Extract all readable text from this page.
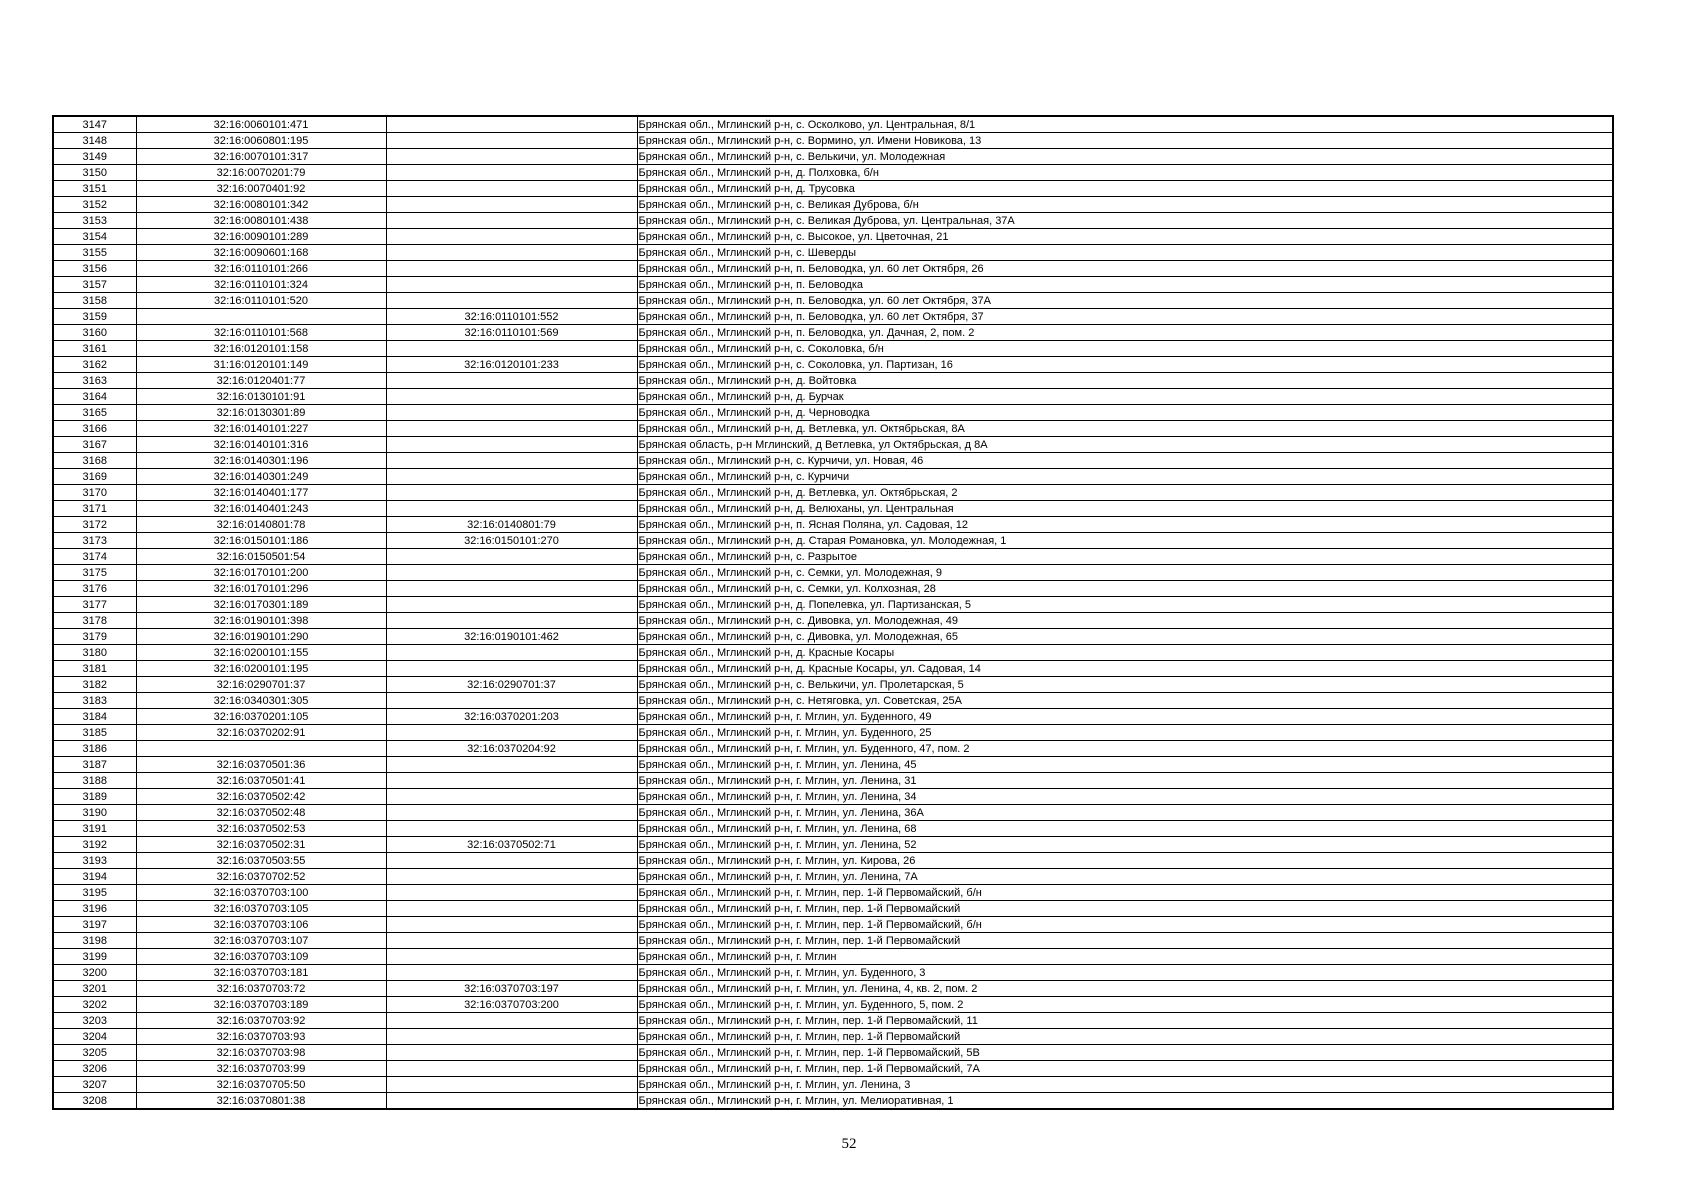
3147	32:16:0060101:471		Брянская обл., Мглинский р-н, с. Осколково, ул. Центральная, 8/1
3148	32:16:0060801:195		Брянская обл., Мглинский р-н, с. Вормино, ул. Имени Новикова, 13
3149	32:16:0070101:317		Брянская обл., Мглинский р-н, с. Велькичи, ул. Молодежная
3150	32:16:0070201:79		Брянская обл., Мглинский р-н, д. Полховка, б/н
3151	32:16:0070401:92		Брянская обл., Мглинский р-н, д. Трусовка
3152	32:16:0080101:342		Брянская обл., Мглинский р-н, с. Великая Дуброва, б/н
3153	32:16:0080101:438		Брянская обл., Мглинский р-н, с. Великая Дуброва, ул. Центральная, 37А
3154	32:16:0090101:289		Брянская обл., Мглинский р-н, с. Высокое, ул. Цветочная, 21
3155	32:16:0090601:168		Брянская обл., Мглинский р-н, с. Шеверды
3156	32:16:0110101:266		Брянская обл., Мглинский р-н, п. Беловодка, ул. 60 лет Октября, 26
3157	32:16:0110101:324		Брянская обл., Мглинский р-н, п. Беловодка
3158	32:16:0110101:520		Брянская обл., Мглинский р-н, п. Беловодка, ул. 60 лет Октября, 37А
3159		32:16:0110101:552	Брянская обл., Мглинский р-н, п. Беловодка, ул. 60 лет Октября, 37
3160	32:16:0110101:568	32:16:0110101:569	Брянская обл., Мглинский р-н, п. Беловодка, ул. Дачная, 2, пом. 2
3161	32:16:0120101:158		Брянская обл., Мглинский р-н, с. Соколовка, б/н
3162	31:16:0120101:149	32:16:0120101:233	Брянская обл., Мглинский р-н, с. Соколовка, ул. Партизан, 16
3163	32:16:0120401:77		Брянская обл., Мглинский р-н, д. Войтовка
3164	32:16:0130101:91		Брянская обл., Мглинский р-н, д. Бурчак
3165	32:16:0130301:89		Брянская обл., Мглинский р-н, д. Черноводка
3166	32:16:0140101:227		Брянская обл., Мглинский р-н, д. Ветлевка, ул. Октябрьская, 8А
3167	32:16:0140101:316		Брянская область, р-н Мглинский, д Ветлевка, ул Октябрьская, д 8А
3168	32:16:0140301:196		Брянская обл., Мглинский р-н, с. Курчичи, ул. Новая, 46
3169	32:16:0140301:249		Брянская обл., Мглинский р-н, с. Курчичи
3170	32:16:0140401:177		Брянская обл., Мглинский р-н, д. Ветлевка, ул. Октябрьская, 2
3171	32:16:0140401:243		Брянская обл., Мглинский р-н, д. Велюханы, ул. Центральная
3172	32:16:0140801:78	32:16:0140801:79	Брянская обл., Мглинский р-н, п. Ясная Поляна, ул. Садовая, 12
3173	32:16:0150101:186	32:16:0150101:270	Брянская обл., Мглинский р-н, д. Старая Романовка, ул. Молодежная, 1
3174	32:16:0150501:54		Брянская обл., Мглинский р-н, с. Разрытое
3175	32:16:0170101:200		Брянская обл., Мглинский р-н, с. Семки, ул. Молодежная, 9
3176	32:16:0170101:296		Брянская обл., Мглинский р-н, с. Семки, ул. Колхозная, 28
3177	32:16:0170301:189		Брянская обл., Мглинский р-н, д. Попелевка, ул. Партизанская, 5
3178	32:16:0190101:398		Брянская обл., Мглинский р-н, с. Дивовка, ул. Молодежная, 49
3179	32:16:0190101:290	32:16:0190101:462	Брянская обл., Мглинский р-н, с. Дивовка, ул. Молодежная, 65
3180	32:16:0200101:155		Брянская обл., Мглинский р-н, д. Красные Косары
3181	32:16:0200101:195		Брянская обл., Мглинский р-н, д. Красные Косары, ул. Садовая, 14
3182	32:16:0290701:37	32:16:0290701:37	Брянская обл., Мглинский р-н, с. Велькичи, ул. Пролетарская, 5
3183	32:16:0340301:305		Брянская обл., Мглинский р-н, с. Нетяговка, ул. Советская, 25А
3184	32:16:0370201:105	32:16:0370201:203	Брянская обл., Мглинский р-н, г. Мглин, ул. Буденного, 49
3185	32:16:0370202:91		Брянская обл., Мглинский р-н, г. Мглин, ул. Буденного, 25
3186		32:16:0370204:92	Брянская обл., Мглинский р-н, г. Мглин, ул. Буденного, 47, пом. 2
3187	32:16:0370501:36		Брянская обл., Мглинский р-н, г. Мглин, ул. Ленина, 45
3188	32:16:0370501:41		Брянская обл., Мглинский р-н, г. Мглин, ул. Ленина, 31
3189	32:16:0370502:42		Брянская обл., Мглинский р-н, г. Мглин, ул. Ленина, 34
3190	32:16:0370502:48		Брянская обл., Мглинский р-н, г. Мглин, ул. Ленина, 36А
3191	32:16:0370502:53		Брянская обл., Мглинский р-н, г. Мглин, ул. Ленина, 68
3192	32:16:0370502:31	32:16:0370502:71	Брянская обл., Мглинский р-н, г. Мглин, ул. Ленина, 52
3193	32:16:0370503:55		Брянская обл., Мглинский р-н, г. Мглин, ул. Кирова, 26
3194	32:16:0370702:52		Брянская обл., Мглинский р-н, г. Мглин, ул. Ленина, 7А
3195	32:16:0370703:100		Брянская обл., Мглинский р-н, г. Мглин, пер. 1-й Первомайский, б/н
3196	32:16:0370703:105		Брянская обл., Мглинский р-н, г. Мглин, пер. 1-й Первомайский
3197	32:16:0370703:106		Брянская обл., Мглинский р-н, г. Мглин, пер. 1-й Первомайский, б/н
3198	32:16:0370703:107		Брянская обл., Мглинский р-н, г. Мглин, пер. 1-й Первомайский
3199	32:16:0370703:109		Брянская обл., Мглинский р-н, г. Мглин
3200	32:16:0370703:181		Брянская обл., Мглинский р-н, г. Мглин, ул. Буденного, 3
3201	32:16:0370703:72	32:16:0370703:197	Брянская обл., Мглинский р-н, г. Мглин, ул. Ленина, 4, кв. 2, пом. 2
3202	32:16:0370703:189	32:16:0370703:200	Брянская обл., Мглинский р-н, г. Мглин, ул. Буденного, 5, пом. 2
3203	32:16:0370703:92		Брянская обл., Мглинский р-н, г. Мглин, пер. 1-й Первомайский, 11
3204	32:16:0370703:93		Брянская обл., Мглинский р-н, г. Мглин, пер. 1-й Первомайский
3205	32:16:0370703:98		Брянская обл., Мглинский р-н, г. Мглин, пер. 1-й Первомайский, 5В
3206	32:16:0370703:99		Брянская обл., Мглинский р-н, г. Мглин, пер. 1-й Первомайский, 7А
3207	32:16:0370705:50		Брянская обл., Мглинский р-н, г. Мглин, ул. Ленина, 3
3208	32:16:0370801:38		Брянская обл., Мглинский р-н, г. Мглин, ул. Мелиоративная, 1
52
